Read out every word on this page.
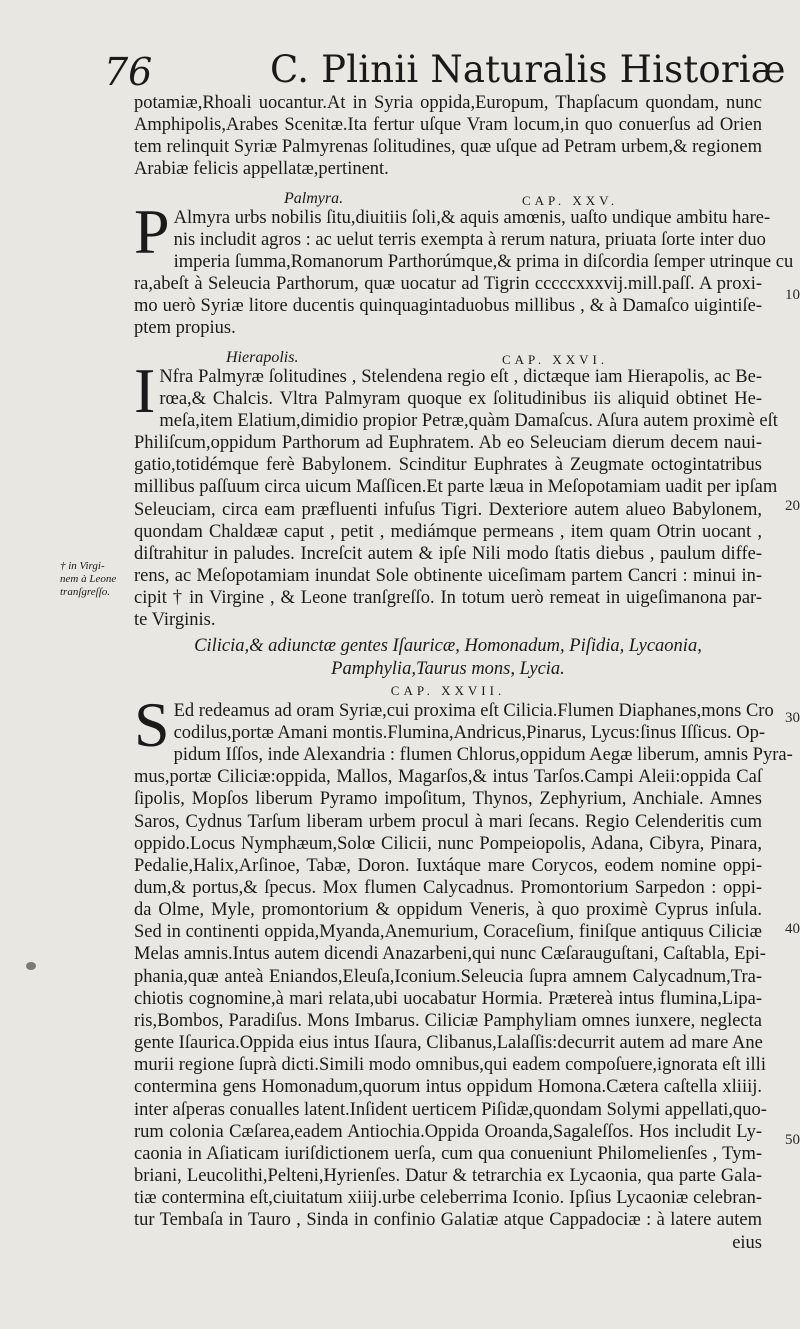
76	C. Plinii Naturalis Historiæ
† in Virgi-
nem à Leone
tranſgreſſo.
10
20
30
40
50
potamiæ,Rhoali uocantur.At in Syria oppida,Europum, Thapſacum quondam, nunc
Amphipolis,Arabes Scenitæ.Ita fertur uſque Vram locum,in quo conuerſus ad Orien
tem relinquit Syriæ Palmyrenas ſolitudines, quæ uſque ad Petram urbem,& regionem
Arabiæ felicis appellatæ,pertinent.
Palmyra.	CAP. XXV.
P Almyra urbs nobilis ſitu,diuitiis ſoli,& aquis amœnis, uaſto undique ambitu hare-
nis includit agros : ac uelut terris exempta à rerum natura, priuata ſorte inter duo
imperia ſumma,Romanorum Parthorúmque,& prima in diſcordia ſemper utrinque cu
ra,abeſt à Seleucia Parthorum, quæ uocatur ad Tigrin cccccxxxvij.mill.paſſ. A proxi-
mo uerò Syriæ litore ducentis quinquagintaduobus millibus , & à Damaſco uigintiſe-
ptem propius.
Hierapolis.	CAP. XXVI.
I Nfra Palmyræ ſolitudines , Stelendena regio eſt , dictæque iam Hierapolis, ac Be-
rœa,& Chalcis. Vltra Palmyram quoque ex ſolitudinibus iis aliquid obtinet He-
meſa,item Elatium,dimidio propior Petræ,quàm Damaſcus. Aſura autem proximè eſt
Philiſcum,oppidum Parthorum ad Euphratem. Ab eo Seleuciam dierum decem naui-
gatio,totidémque ferè Babylonem. Scinditur Euphrates à Zeugmate octogintatribus
millibus paſſuum circa uicum Maſſicen.Et parte læua in Meſopotamiam uadit per ipſam
Seleuciam, circa eam præfluenti infuſus Tigri. Dexteriore autem alueo Babylonem,
quondam Chaldææ caput , petit , mediámque permeans , item quam Otrin uocant ,
diſtrahitur in paludes. Increſcit autem & ipſe Nili modo ſtatis diebus , paulum diffe-
rens, ac Meſopotamiam inundat Sole obtinente uiceſimam partem Cancri : minui in-
cipit † in Virgine , & Leone tranſgreſſo. In totum uerò remeat in uigeſimanona par-
te Virginis.
Cilicia,& adiunctæ gentes Iſauricæ, Homonadum, Piſidia, Lycaonia,
Pamphylia,Taurus mons, Lycia.
CAP. XXVII.
S Ed redeamus ad oram Syriæ,cui proxima eſt Cilicia.Flumen Diaphanes,mons Cro
codilus,portæ Amani montis.Flumina,Andricus,Pinarus, Lycus:ſinus Iſſicus. Op-
pidum Iſſos, inde Alexandria : flumen Chlorus,oppidum Aegæ liberum, amnis Pyra-
mus,portæ Ciliciæ:oppida, Mallos, Magarſos,& intus Tarſos.Campi Aleii:oppida Caſ
ſipolis, Mopſos liberum Pyramo impoſitum, Thynos, Zephyrium, Anchiale. Amnes
Saros, Cydnus Tarſum liberam urbem procul à mari ſecans. Regio Celenderitis cum
oppido.Locus Nymphæum,Solœ Cilicii, nunc Pompeiopolis, Adana, Cibyra, Pinara,
Pedalie,Halix,Arſinoe, Tabæ, Doron. Iuxtáque mare Corycos, eodem nomine oppi-
dum,& portus,& ſpecus. Mox flumen Calycadnus. Promontorium Sarpedon : oppi-
da Olme, Myle, promontorium & oppidum Veneris, à quo proximè Cyprus inſula.
Sed in continenti oppida,Myanda,Anemurium, Coraceſium, finiſque antiquus Ciliciæ
Melas amnis.Intus autem dicendi Anazarbeni,qui nunc Cæſarauguſtani, Caſtabla, Epi-
phania,quæ anteà Eniandos,Eleuſa,Iconium.Seleucia ſupra amnem Calycadnum,Tra-
chiotis cognomine,à mari relata,ubi uocabatur Hormia. Prætereà intus flumina,Lipa-
ris,Bombos, Paradiſus. Mons Imbarus. Ciliciæ Pamphyliam omnes iunxere, neglecta
gente Iſaurica.Oppida eius intus Iſaura, Clibanus,Lalaſſis:decurrit autem ad mare Ane
murii regione ſuprà dicti.Simili modo omnibus,qui eadem compoſuere,ignorata eſt illi
contermina gens Homonadum,quorum intus oppidum Homona.Cætera caſtella xliiij.
inter aſperas conualles latent.Inſident uerticem Piſidæ,quondam Solymi appellati,quo-
rum colonia Cæſarea,eadem Antiochia.Oppida Oroanda,Sagaleſſos. Hos includit Ly-
caonia in Aſiaticam iuriſdictionem uerſa, cum qua conueniunt Philomelienſes , Tym-
briani, Leucolithi,Pelteni,Hyrienſes. Datur & tetrarchia ex Lycaonia, qua parte Gala-
tiæ contermina eſt,ciuitatum xiiij.urbe celeberrima Iconio. Ipſius Lycaoniæ celebran-
tur Tembaſa in Tauro , Sinda in confinio Galatiæ atque Cappadociæ : à latere autem
eius
